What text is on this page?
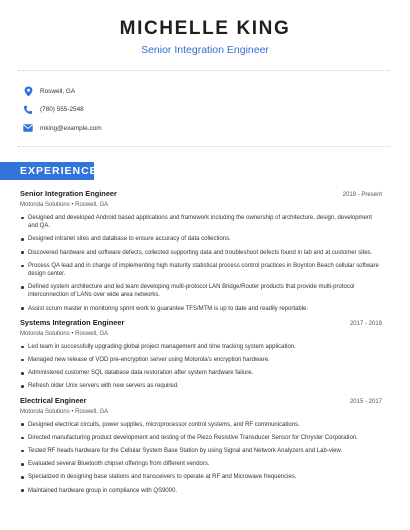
MICHELLE KING
Senior Integration Engineer
Roswell, GA
(780) 555-2548
mking@example.com
EXPERIENCE
Senior Integration Engineer	2019 - Present
Motorola Solutions • Roswell, GA
Designed and developed Android based applications and framework including the ownership of architecture, design, development and QA.
Designed intranet sites and database to ensure accuracy of data collections.
Discovered hardware and software defects, collected supporting data and troubleshoot defects found in lab and at customer sites.
Process QA lead and in charge of implementing high maturity statistical process control practices in Boynton Beach cellular software design center.
Defined system architecture and led team developing multi-protocol LAN Bridge/Router products that provide multi-protocol interconnection of LANs over wide area networks.
Assist scrum master in monitoring sprint work to guarantee TFS/MTM is up to date and readily reportable.
Systems Integration Engineer	2017 - 2019
Motorola Solutions • Roswell, GA
Led team in successfully upgrading global project management and time tracking system application.
Managed new release of VOD pre-encryption server using Motorola's encryption hardware.
Administered customer SQL database data restoration after system hardware failure.
Refresh older Unix servers with new servers as required.
Electrical Engineer	2015 - 2017
Motorola Solutions • Roswell, GA
Designed electrical circuits, power supplies, microprocessor control systems, and RF communications.
Directed manufacturing product development and testing of the Piezo Resistive Transducer Sensor for Chrysler Corporation.
Tested RF heads hardware for the Cellular System Base Station by using Signal and Network Analyzers and Lab-view.
Evaluated several Bluetooth chipset offerings from different vendors.
Specialized in designing base stations and transceivers to operate at RF and Microwave frequencies.
Maintained hardware group in compliance with QS9000.
